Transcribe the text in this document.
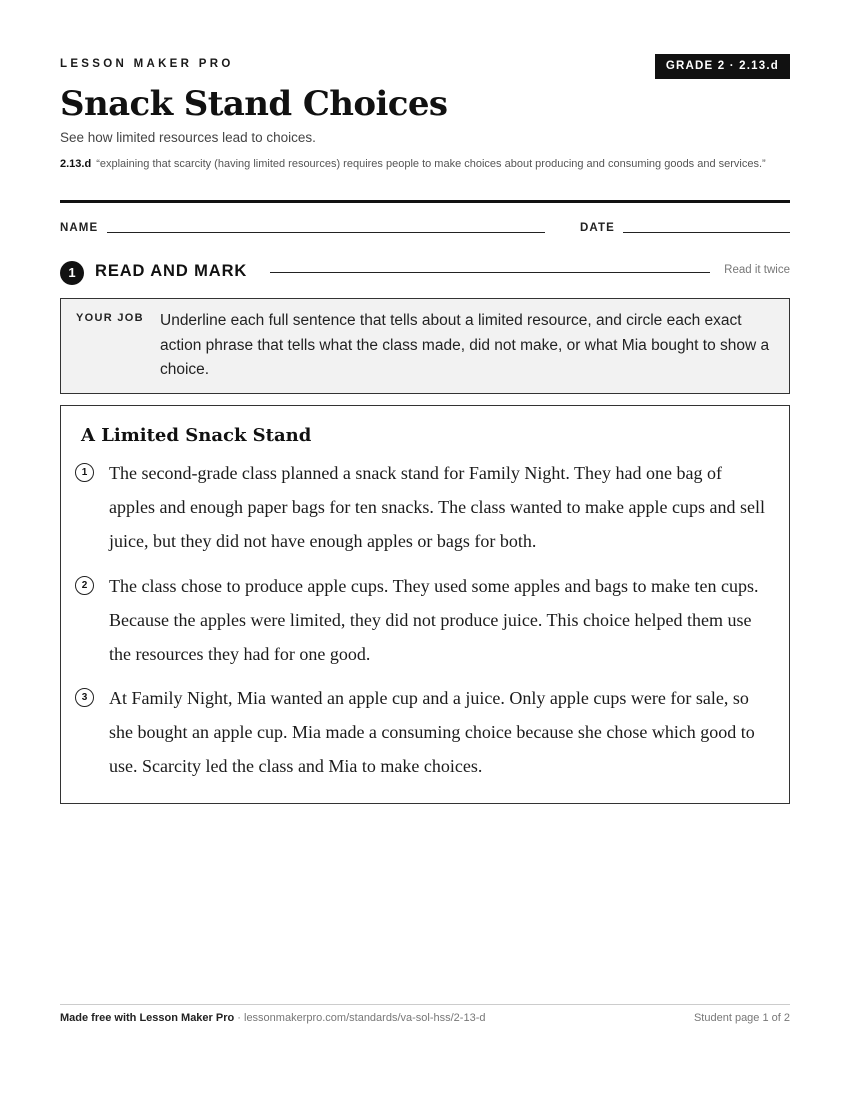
LESSON MAKER PRO	GRADE 2 · 2.13.d
Snack Stand Choices
See how limited resources lead to choices.
2.13.d “explaining that scarcity (having limited resources) requires people to make choices about producing and consuming goods and services.”
NAME	DATE
1	READ AND MARK	Read it twice
YOUR JOB Underline each full sentence that tells about a limited resource, and circle each exact action phrase that tells what the class made, did not make, or what Mia bought to show a choice.
A Limited Snack Stand
1	The second-grade class planned a snack stand for Family Night. They had one bag of apples and enough paper bags for ten snacks. The class wanted to make apple cups and sell juice, but they did not have enough apples or bags for both.
2	The class chose to produce apple cups. They used some apples and bags to make ten cups. Because the apples were limited, they did not produce juice. This choice helped them use the resources they had for one good.
3	At Family Night, Mia wanted an apple cup and a juice. Only apple cups were for sale, so she bought an apple cup. Mia made a consuming choice because she chose which good to use. Scarcity led the class and Mia to make choices.
Made free with Lesson Maker Pro · lessonmakerpro.com/standards/va-sol-hss/2-13-d	Student page 1 of 2
